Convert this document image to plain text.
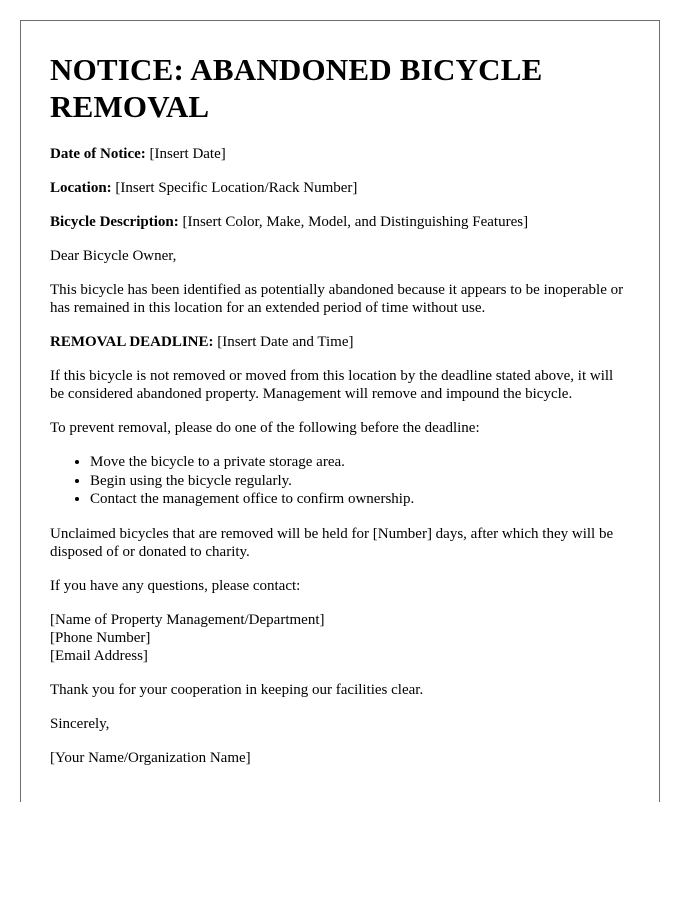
NOTICE: ABANDONED BICYCLE REMOVAL

Date of Notice: [Insert Date]

Location: [Insert Specific Location/Rack Number]

Bicycle Description: [Insert Color, Make, Model, and Distinguishing Features]

Dear Bicycle Owner,

This bicycle has been identified as potentially abandoned because it appears to be inoperable or has remained in this location for an extended period of time without use.

REMOVAL DEADLINE: [Insert Date and Time]

If this bicycle is not removed or moved from this location by the deadline stated above, it will be considered abandoned property. Management will remove and impound the bicycle.

To prevent removal, please do one of the following before the deadline:

• Move the bicycle to a private storage area.
• Begin using the bicycle regularly.
• Contact the management office to confirm ownership.

Unclaimed bicycles that are removed will be held for [Number] days, after which they will be disposed of or donated to charity.

If you have any questions, please contact:

[Name of Property Management/Department]

[Phone Number]

[Email Address]

Thank you for your cooperation in keeping our facilities clear.

Sincerely,

[Your Name/Organization Name]
